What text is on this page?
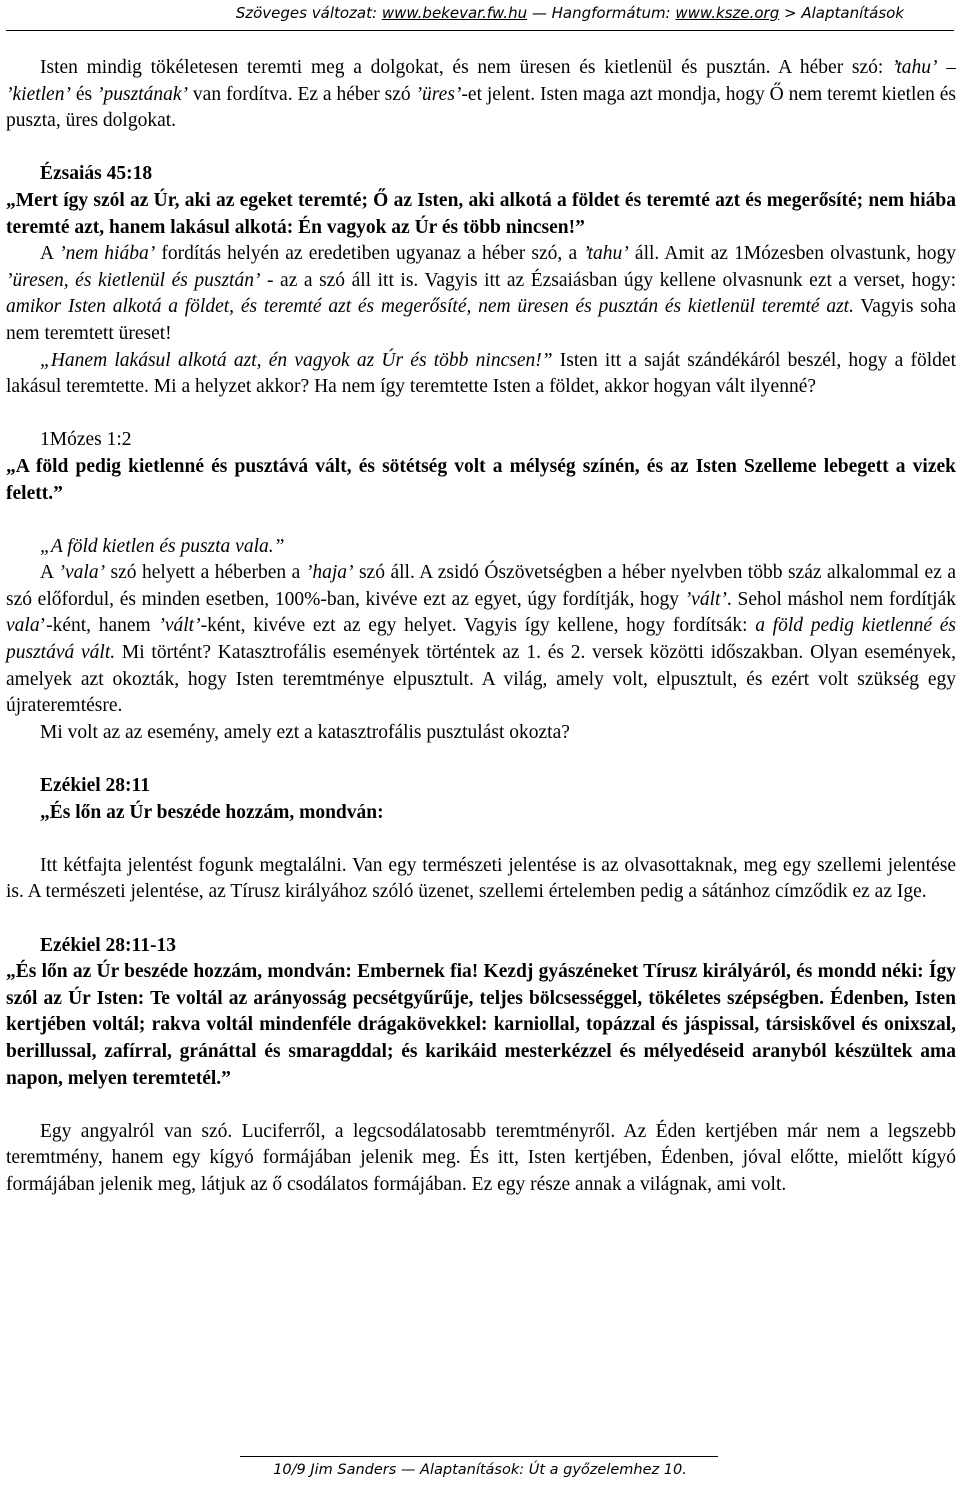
Szöveges változat: www.bekevar.fw.hu — Hangformátum: www.ksze.org > Alaptanítások

Isten mindig tökéletesen teremti meg a dolgokat, és nem üresen és kietlenül és pusztán. A héber szó: ’tahu’ – ’kietlen’ és ’pusztának’ van fordítva. Ez a héber szó ’üres’-et jelent. Isten maga azt mondja, hogy Ő nem teremt kietlen és puszta, üres dolgokat.

Ézsaiás 45:18

„Mert így szól az Úr, aki az egeket teremté; Ő az Isten, aki alkotá a földet és teremté azt és megerősíté; nem hiába teremté azt, hanem lakásul alkotá: Én vagyok az Úr és több nincsen!”

A ’nem hiába’ fordítás helyén az eredetiben ugyanaz a héber szó, a ’tahu’ áll. Amit az 1Mózesben olvastunk, hogy ’üresen, és kietlenül és pusztán’ - az a szó áll itt is. Vagyis itt az Ézsaiásban úgy kellene olvasnunk ezt a verset, hogy: amikor Isten alkotá a földet, és teremté azt és megerősíté, nem üresen és pusztán és kietlenül teremté azt. Vagyis soha nem teremtett üreset!

„Hanem lakásul alkotá azt, én vagyok az Úr és több nincsen!” Isten itt a saját szándékáról beszél, hogy a földet lakásul teremtette. Mi a helyzet akkor? Ha nem így teremtette Isten a földet, akkor hogyan vált ilyenné?

1Mózes 1:2

„A föld pedig kietlenné és pusztává vált, és sötétség volt a mélység színén, és az Isten Szelleme lebegett a vizek felett.”

„A föld kietlen és puszta vala.”

A ’vala’ szó helyett a héberben a ’haja’ szó áll. A zsidó Ószövetségben a héber nyelvben több száz alkalommal ez a szó előfordul, és minden esetben, 100%-ban, kivéve ezt az egyet, úgy fordítják, hogy ’vált’. Sehol máshol nem fordítják vala’-ként, hanem ’vált’-ként, kivéve ezt az egy helyet. Vagyis így kellene, hogy fordítsák: a föld pedig kietlenné és pusztává vált. Mi történt? Katasztrofális események történtek az 1. és 2. versek közötti időszakban. Olyan események, amelyek azt okozták, hogy Isten teremtménye elpusztult. A világ, amely volt, elpusztult, és ezért volt szükség egy újrateremtésre.

Mi volt az az esemény, amely ezt a katasztrofális pusztulást okozta?

Ezékiel 28:11

„És lőn az Úr beszéde hozzám, mondván:

Itt kétfajta jelentést fogunk megtalálni. Van egy természeti jelentése is az olvasottaknak, meg egy szellemi jelentése is. A természeti jelentése, az Tírusz királyához szóló üzenet, szellemi értelemben pedig a sátánhoz címződik ez az Ige.

Ezékiel 28:11-13

„És lőn az Úr beszéde hozzám, mondván: Embernek fia! Kezdj gyászéneket Tírusz királyáról, és mondd néki: Így szól az Úr Isten: Te voltál az arányosság pecsétgyűrűje, teljes bölcsességgel, tökéletes szépségben. Édenben, Isten kertjében voltál; rakva voltál mindenféle drágakövekkel: karniollal, topázzal és jáspissal, társiskővel és onixszal, berillussal, zafírral, gránáttal és smaragddal; és karikáid mesterkézzel és mélyedéseid aranyból készültek ama napon, melyen teremtetél.”

Egy angyalról van szó. Luciferről, a legcsodálatosabb teremtményről. Az Éden kertjében már nem a legszebb teremtmény, hanem egy kígyó formájában jelenik meg. És itt, Isten kertjében, Édenben, jóval előtte, mielőtt kígyó formájában jelenik meg, látjuk az ő csodálatos formájában. Ez egy része annak a világnak, ami volt.

10/9 Jim Sanders — Alaptanítások: Út a győzelemhez 10.
